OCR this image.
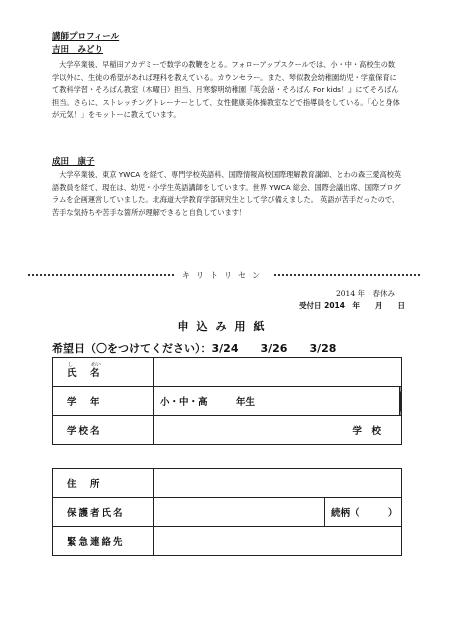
講師プロフィール
吉田　みどり

大学卒業後、早稲田アカデミーで数学の教鞭をとる。フォローアップスクールでは、小・中・高校生の数学以外に、生徒の希望があれば理科を教えている。カウンセラー。また、琴似教会幼稚園幼児・学童保育にて教科学習・そろばん教室（木曜日）担当、月寒黎明幼稚園『英会話・そろばん For kids！』にてそろばん担当。さらに、ストレッチングトレーナーとして、女性健康美体操教室などで指導員をしている。「心と身体が元気！」をモットーに教えています。

成田　康子

大学卒業後、東京 YWCA を経て、専門学校英語科、国際情報高校国際理解教育講師、とわの森三愛高校英語教員を経て、現在は、幼児・小学生英語講師をしています。世界 YWCA 総会、国際会議出席、国際プログラムを企画運営していました。北海道大学教育学部研究生として学び備えました。 英語が苦手だったので、苦手な気持ちや苦手な箇所が理解できると自負しています！

キリトリセン
2014 年　春休み
受付日 2014　年　　月　　日
申込み用紙
希望日（〇をつけてください）：3/24　　3/26　　3/28
し めい
氏　名		
学　年	小・中・高　　　年生	
学校名	学　校	
住　所		
保護者氏名		続柄（　　　）
緊急連絡先		
